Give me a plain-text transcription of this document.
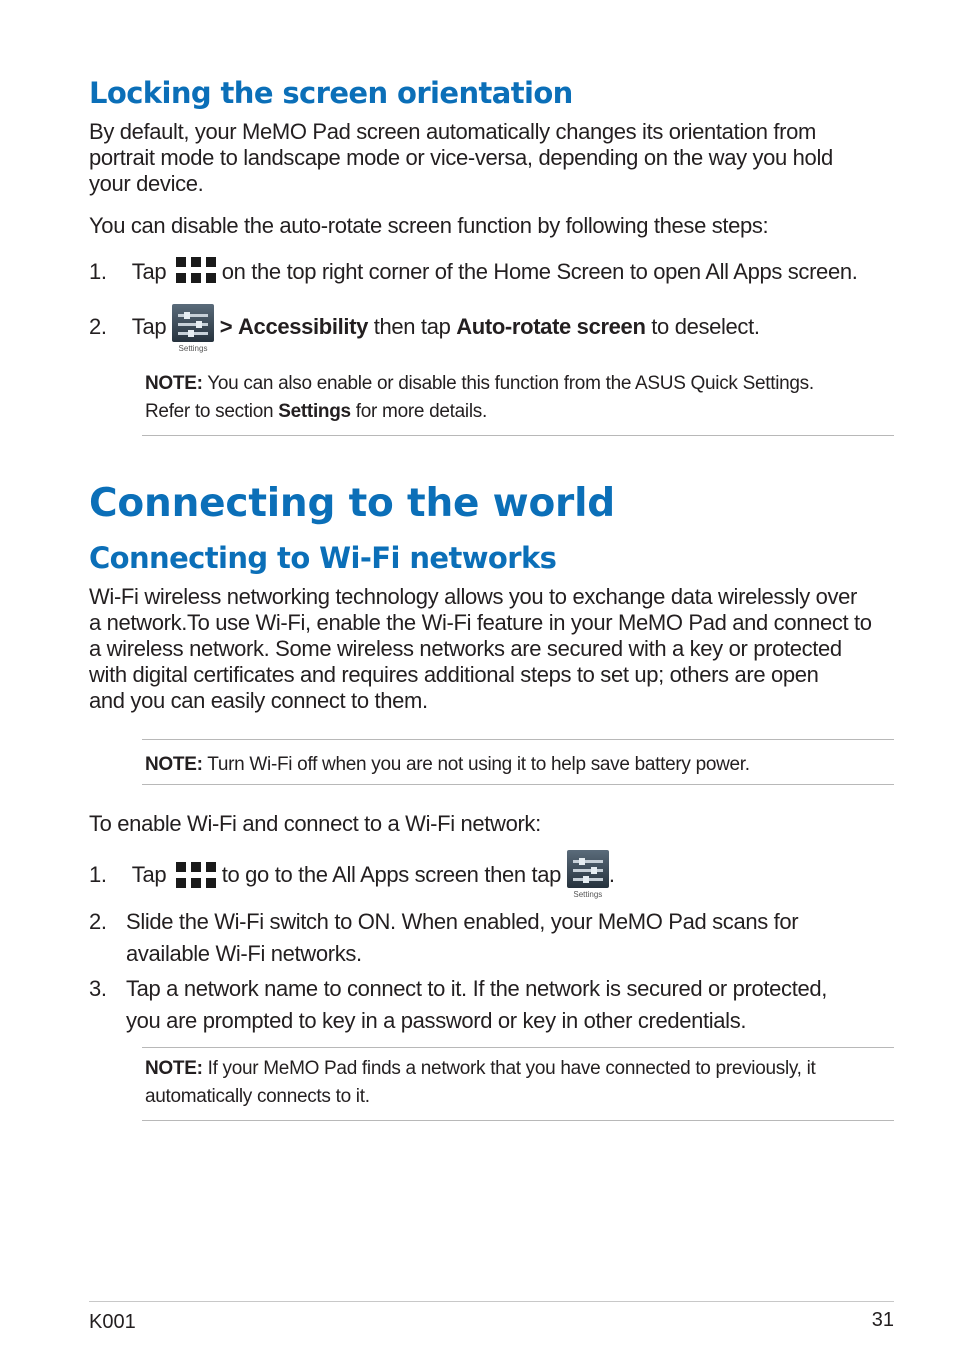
Locking the screen orientation
By default, your MeMO Pad screen automatically changes its orientation from
portrait mode to landscape mode or vice-versa, depending on the way you hold
your device.
You can disable the auto-rotate screen function by following these steps:
1. Tap	on the top right corner of the Home Screen to open All Apps screen.
2. Tap
Settings
> Accessibility then tap Auto-rotate screen to deselect.
NOTE: You can also enable or disable this function from the ASUS Quick Settings.
Refer to section Settings for more details.
Connecting to the world
Connecting to Wi-Fi networks
Wi-Fi wireless networking technology allows you to exchange data wirelessly over
a network.To use Wi-Fi, enable the Wi-Fi feature in your MeMO Pad and connect to
a wireless network. Some wireless networks are secured with a key or protected
with digital certificates and requires additional steps to set up; others are open
and you can easily connect to them.
NOTE: Turn Wi-Fi off when you are not using it to help save battery power.
To enable Wi-Fi and connect to a Wi-Fi network:
1. Tap	to go to the All Apps screen then tap
Settings
.
2. Slide the Wi-Fi switch to ON. When enabled, your MeMO Pad scans for
available Wi-Fi networks.
3. Tap a network name to connect to it. If the network is secured or protected,
you are prompted to key in a password or key in other credentials.
NOTE: If your MeMO Pad finds a network that you have connected to previously, it
automatically connects to it.
K001	31
